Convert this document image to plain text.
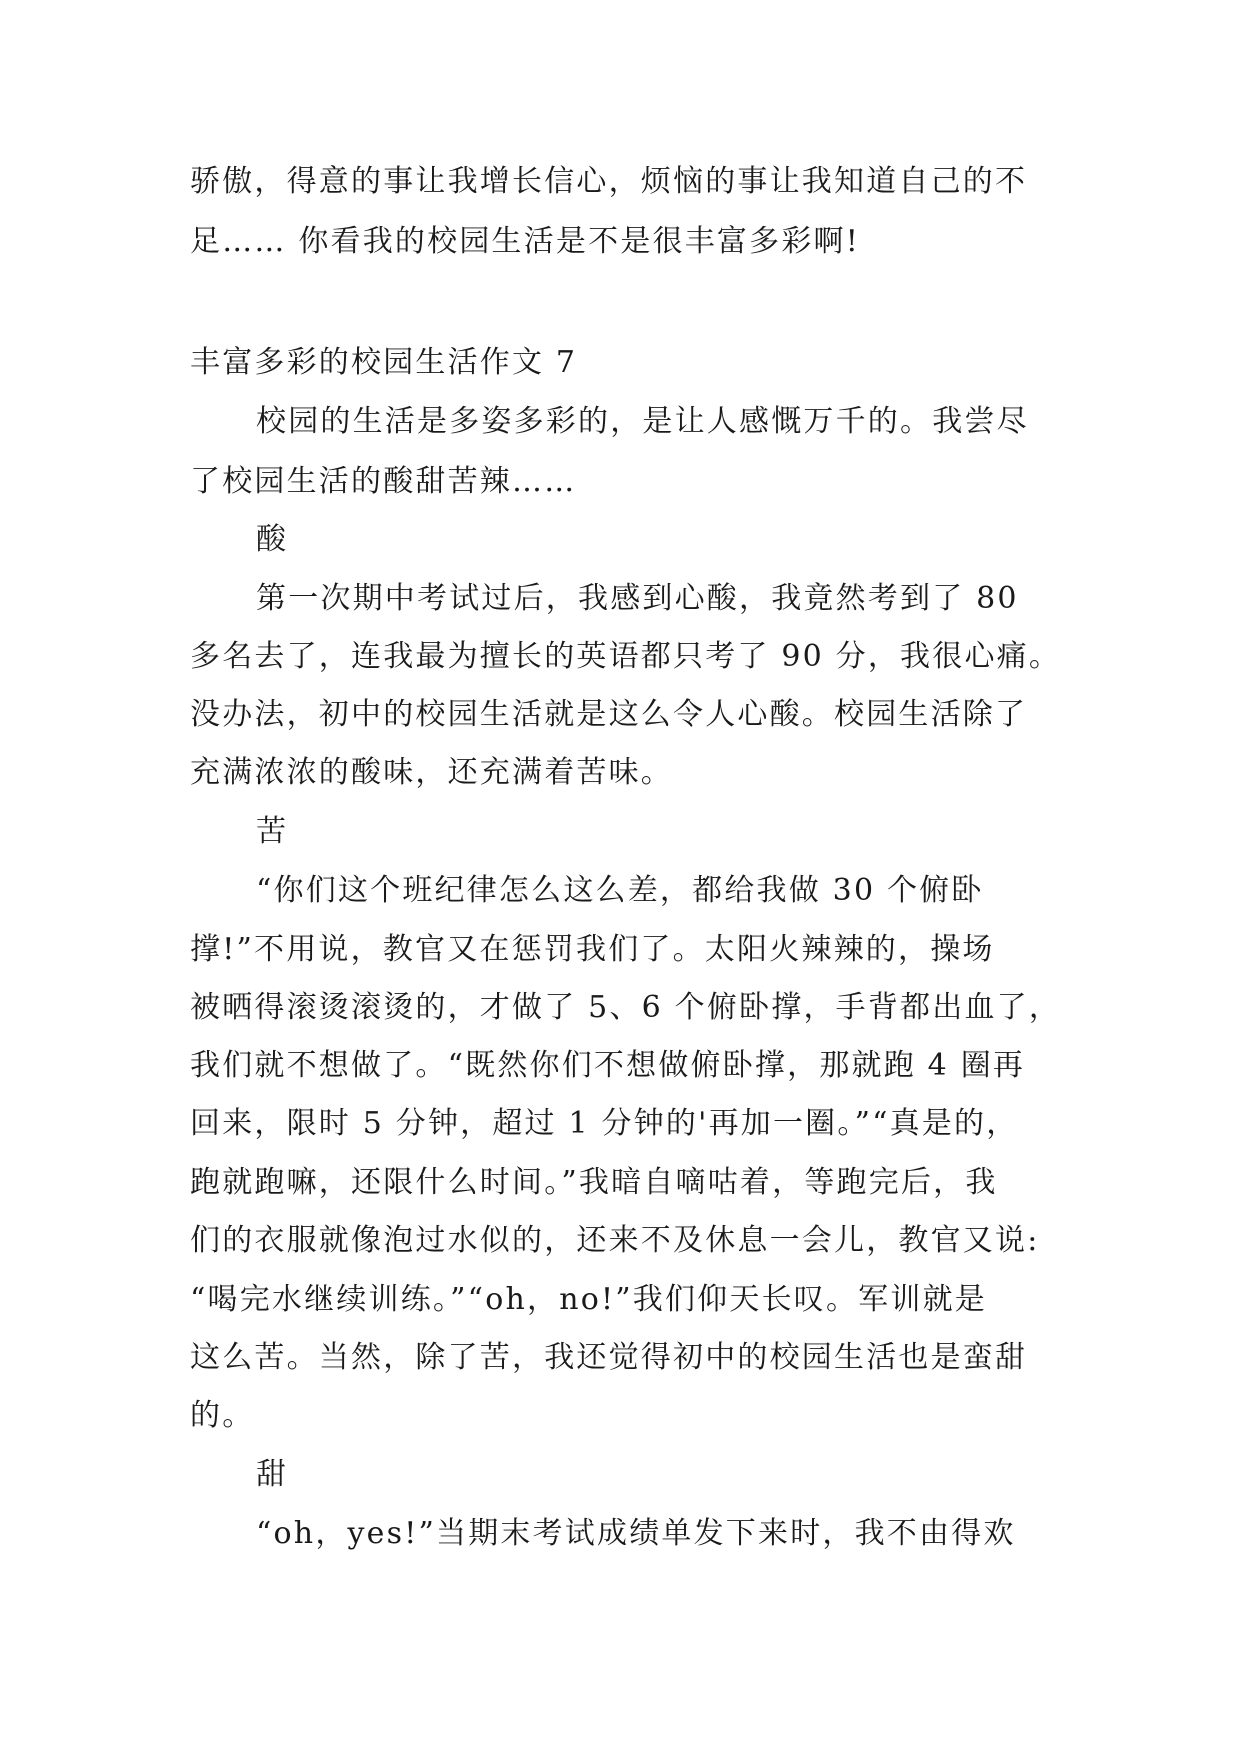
骄傲，得意的事让我增长信心，烦恼的事让我知道自己的不
足…… 你看我的校园生活是不是很丰富多彩啊!
丰富多彩的校园生活作文 7
校园的生活是多姿多彩的，是让人感慨万千的。我尝尽
了校园生活的酸甜苦辣……
酸
第一次期中考试过后，我感到心酸，我竟然考到了 80
多名去了，连我最为擅长的英语都只考了 90 分，我很心痛。
没办法，初中的校园生活就是这么令人心酸。校园生活除了
充满浓浓的酸味，还充满着苦味。
苦
“你们这个班纪律怎么这么差，都给我做 30 个俯卧
撑!”不用说，教官又在惩罚我们了。太阳火辣辣的，操场
被晒得滚烫滚烫的，才做了 5、6 个俯卧撑，手背都出血了，
我们就不想做了。“既然你们不想做俯卧撑，那就跑 4 圈再
回来，限时 5 分钟，超过 1 分钟的'再加一圈。”“真是的，
跑就跑嘛，还限什么时间。”我暗自嘀咕着，等跑完后，我
们的衣服就像泡过水似的，还来不及休息一会儿，教官又说:
“喝完水继续训练。”“oh，no!”我们仰天长叹。军训就是
这么苦。当然，除了苦，我还觉得初中的校园生活也是蛮甜
的。
甜
“oh，yes!”当期末考试成绩单发下来时，我不由得欢
